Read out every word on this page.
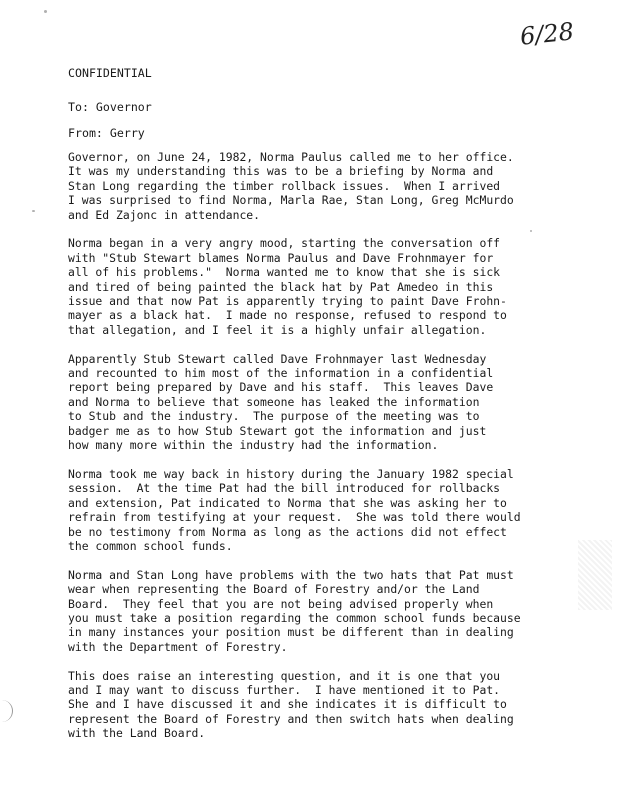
6/28
CONFIDENTIAL
To: Governor
From: Gerry

Governor, on June 24, 1982, Norma Paulus called me to her office.
It was my understanding this was to be a briefing by Norma and
Stan Long regarding the timber rollback issues.  When I arrived
I was surprised to find Norma, Marla Rae, Stan Long, Greg McMurdo
and Ed Zajonc in attendance.

Norma began in a very angry mood, starting the conversation off
with "Stub Stewart blames Norma Paulus and Dave Frohnmayer for
all of his problems."  Norma wanted me to know that she is sick
and tired of being painted the black hat by Pat Amedeo in this
issue and that now Pat is apparently trying to paint Dave Frohn-
mayer as a black hat.  I made no response, refused to respond to
that allegation, and I feel it is a highly unfair allegation.

Apparently Stub Stewart called Dave Frohnmayer last Wednesday
and recounted to him most of the information in a confidential
report being prepared by Dave and his staff.  This leaves Dave
and Norma to believe that someone has leaked the information
to Stub and the industry.  The purpose of the meeting was to
badger me as to how Stub Stewart got the information and just
how many more within the industry had the information.

Norma took me way back in history during the January 1982 special
session.  At the time Pat had the bill introduced for rollbacks
and extension, Pat indicated to Norma that she was asking her to
refrain from testifying at your request.  She was told there would
be no testimony from Norma as long as the actions did not effect
the common school funds.

Norma and Stan Long have problems with the two hats that Pat must
wear when representing the Board of Forestry and/or the Land
Board.  They feel that you are not being advised properly when
you must take a position regarding the common school funds because
in many instances your position must be different than in dealing
with the Department of Forestry.

This does raise an interesting question, and it is one that you
and I may want to discuss further.  I have mentioned it to Pat.
She and I have discussed it and she indicates it is difficult to
represent the Board of Forestry and then switch hats when dealing
with the Land Board.
